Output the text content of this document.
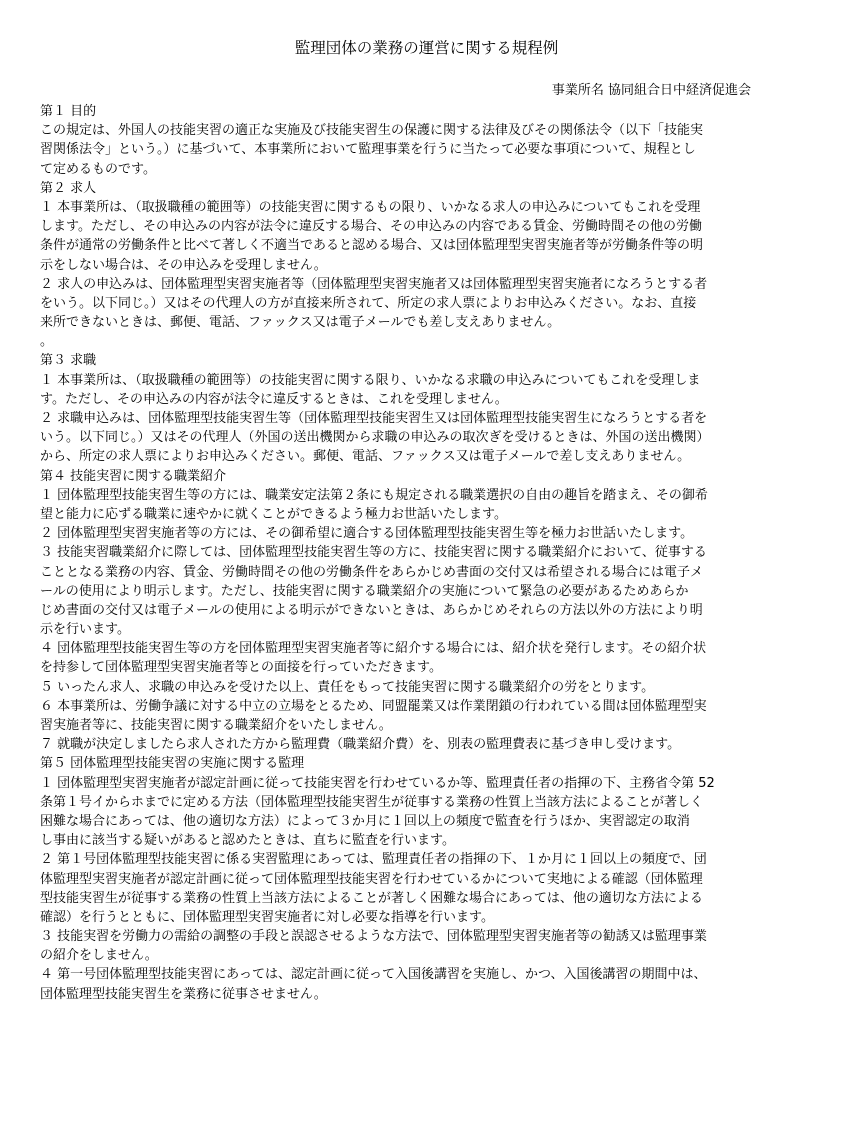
監理団体の業務の運営に関する規程例
事業所名 協同組合日中経済促進会
第１ 目的
この規定は、外国人の技能実習の適正な実施及び技能実習生の保護に関する法律及びその関係法令（以下「技能実
習関係法令」という。）に基づいて、本事業所において監理事業を行うに当たって必要な事項について、規程とし
て定めるものです。
第２ 求人
１ 本事業所は、（取扱職種の範囲等）の技能実習に関するもの限り、いかなる求人の申込みについてもこれを受理
します。ただし、その申込みの内容が法令に違反する場合、その申込みの内容である賃金、労働時間その他の労働
条件が通常の労働条件と比べて著しく不適当であると認める場合、又は団体監理型実習実施者等が労働条件等の明
示をしない場合は、その申込みを受理しません。
２ 求人の申込みは、団体監理型実習実施者等（団体監理型実習実施者又は団体監理型実習実施者になろうとする者
をいう。以下同じ。）又はその代理人の方が直接来所されて、所定の求人票によりお申込みください。なお、直接
来所できないときは、郵便、電話、ファックス又は電子メールでも差し支えありません。
。
第３ 求職
１ 本事業所は、（取扱職種の範囲等）の技能実習に関する限り、いかなる求職の申込みについてもこれを受理しま
す。ただし、その申込みの内容が法令に違反するときは、これを受理しません。
２ 求職申込みは、団体監理型技能実習生等（団体監理型技能実習生又は団体監理型技能実習生になろうとする者を
いう。以下同じ。）又はその代理人（外国の送出機関から求職の申込みの取次ぎを受けるときは、外国の送出機関）
から、所定の求人票によりお申込みください。郵便、電話、ファックス又は電子メールで差し支えありません。
第４ 技能実習に関する職業紹介
１ 団体監理型技能実習生等の方には、職業安定法第２条にも規定される職業選択の自由の趣旨を踏まえ、その御希
望と能力に応ずる職業に速やかに就くことができるよう極力お世話いたします。
２ 団体監理型実習実施者等の方には、その御希望に適合する団体監理型技能実習生等を極力お世話いたします。
３ 技能実習職業紹介に際しては、団体監理型技能実習生等の方に、技能実習に関する職業紹介において、従事する
こととなる業務の内容、賃金、労働時間その他の労働条件をあらかじめ書面の交付又は希望される場合には電子メ
ールの使用により明示します。ただし、技能実習に関する職業紹介の実施について緊急の必要があるためあらか
じめ書面の交付又は電子メールの使用による明示ができないときは、あらかじめそれらの方法以外の方法により明
示を行います。
４ 団体監理型技能実習生等の方を団体監理型実習実施者等に紹介する場合には、紹介状を発行します。その紹介状
を持参して団体監理型実習実施者等との面接を行っていただきます。
５ いったん求人、求職の申込みを受けた以上、責任をもって技能実習に関する職業紹介の労をとります。
６ 本事業所は、労働争議に対する中立の立場をとるため、同盟罷業又は作業閉鎖の行われている間は団体監理型実
習実施者等に、技能実習に関する職業紹介をいたしません。
７ 就職が決定しましたら求人された方から監理費（職業紹介費）を、別表の監理費表に基づき申し受けます。
第５ 団体監理型技能実習の実施に関する監理
１ 団体監理型実習実施者が認定計画に従って技能実習を行わせているか等、監理責任者の指揮の下、主務省令第 52
条第１号イからホまでに定める方法（団体監理型技能実習生が従事する業務の性質上当該方法によることが著しく
困難な場合にあっては、他の適切な方法）によって３か月に１回以上の頻度で監査を行うほか、実習認定の取消
し事由に該当する疑いがあると認めたときは、直ちに監査を行います。
２ 第１号団体監理型技能実習に係る実習監理にあっては、監理責任者の指揮の下、１か月に１回以上の頻度で、団
体監理型実習実施者が認定計画に従って団体監理型技能実習を行わせているかについて実地による確認（団体監理
型技能実習生が従事する業務の性質上当該方法によることが著しく困難な場合にあっては、他の適切な方法による
確認）を行うとともに、団体監理型実習実施者に対し必要な指導を行います。
３ 技能実習を労働力の需給の調整の手段と誤認させるような方法で、団体監理型実習実施者等の勧誘又は監理事業
の紹介をしません。
４ 第一号団体監理型技能実習にあっては、認定計画に従って入国後講習を実施し、かつ、入国後講習の期間中は、
団体監理型技能実習生を業務に従事させません。
